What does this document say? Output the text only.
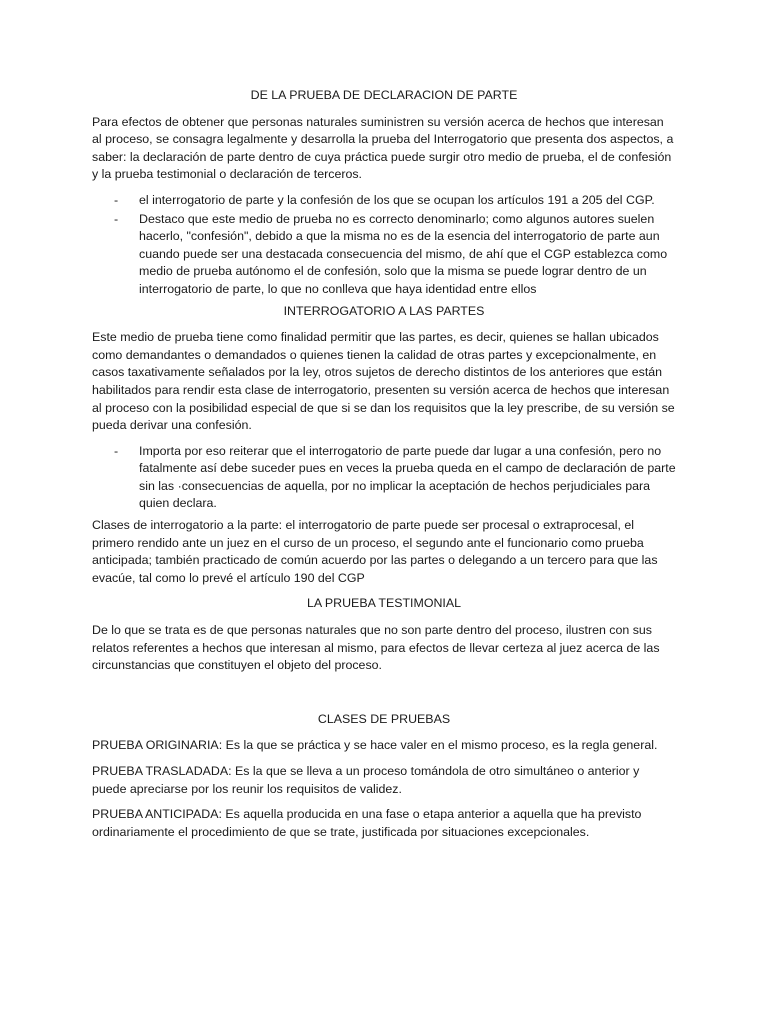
DE LA PRUEBA DE DECLARACION DE PARTE

Para efectos de obtener que personas naturales suministren su versión acerca de hechos que interesan al proceso, se consagra legalmente y desarrolla la prueba del Interrogatorio que presenta dos aspectos, a saber: la declaración de parte dentro de cuya práctica puede surgir otro medio de prueba, el de confesión y la prueba testimonial o declaración de terceros.

- el interrogatorio de parte y la confesión de los que se ocupan los artículos 191 a 205 del CGP.
- Destaco que este medio de prueba no es correcto denominarlo; como algunos autores suelen hacerlo, "confesión", debido a que la misma no es de la esencia del interrogatorio de parte aun cuando puede ser una destacada consecuencia del mismo, de ahí que el CGP establezca como medio de prueba autónomo el de confesión, solo que la misma se puede lograr dentro de un interrogatorio de parte, lo que no conlleva que haya identidad entre ellos

INTERROGATORIO A LAS PARTES

Este medio de prueba tiene como finalidad permitir que las partes, es decir, quienes se hallan ubicados como demandantes o demandados o quienes tienen la calidad de otras partes y excepcionalmente, en casos taxativamente señalados por la ley, otros sujetos de derecho distintos de los anteriores que están habilitados para rendir esta clase de interrogatorio, presenten su versión acerca de hechos que interesan al proceso con la posibilidad especial de que si se dan los requisitos que la ley prescribe, de su versión se pueda derivar una confesión.

- Importa por eso reiterar que el interrogatorio de parte puede dar lugar a una confesión, pero no fatalmente así debe suceder pues en veces la prueba queda en el campo de declaración de parte sin las ·consecuencias de aquella, por no implicar la aceptación de hechos perjudiciales para quien declara.

Clases de interrogatorio a la parte: el interrogatorio de parte puede ser procesal o extraprocesal, el primero rendido ante un juez en el curso de un proceso, el segundo ante el funcionario como prueba anticipada; también practicado de común acuerdo por las partes o delegando a un tercero para que las evacúe, tal como lo prevé el artículo 190 del CGP

LA PRUEBA TESTIMONIAL

De lo que se trata es de que personas naturales que no son parte dentro del proceso, ilustren con sus relatos referentes a hechos que interesan al mismo, para efectos de llevar certeza al juez acerca de las circunstancias que constituyen el objeto del proceso.

CLASES DE PRUEBAS

PRUEBA ORIGINARIA: Es la que se práctica y se hace valer en el mismo proceso, es la regla general.

PRUEBA TRASLADADA: Es la que se lleva a un proceso tomándola de otro simultáneo o anterior y puede apreciarse por los reunir los requisitos de validez.

PRUEBA ANTICIPADA: Es aquella producida en una fase o etapa anterior a aquella que ha previsto ordinariamente el procedimiento de que se trate, justificada por situaciones excepcionales.
